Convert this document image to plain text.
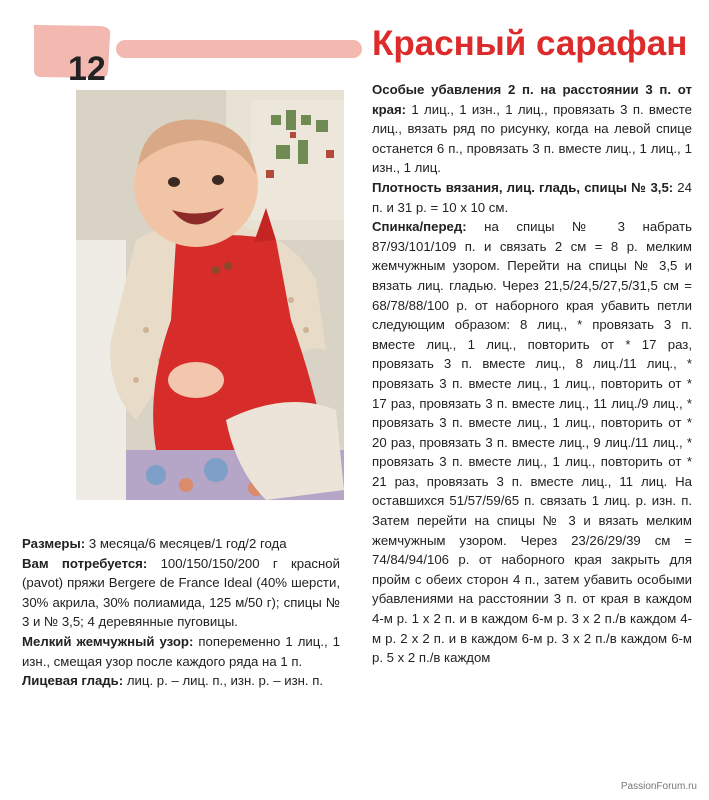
12
Красный сарафан

Размеры: 3 месяца/6 месяцев/1 год/2 года

Вам потребуется: 100/150/150/200 г красной (pavot) пряжи Bergere de France Ideal (40% шерсти, 30% акрила, 30% полиамида, 125 м/50 г); спицы № 3 и № 3,5; 4 деревянные пуговицы.

Мелкий жемчужный узор: попеременно 1 лиц., 1 изн., смещая узор после каждого ряда на 1 п.

Лицевая гладь: лиц. р. – лиц. п., изн. р. – изн. п.

Особые убавления 2 п. на расстоянии 3 п. от края: 1 лиц., 1 изн., 1 лиц., провязать 3 п. вместе лиц., вязать ряд по рисунку, когда на левой спице останется 6 п., провязать 3 п. вместе лиц., 1 лиц., 1 изн., 1 лиц.

Плотность вязания, лиц. гладь, спицы № 3,5: 24 п. и 31 р. = 10 х 10 см.

Спинка/перед: на спицы № 3 набрать 87/93/101/109 п. и связать 2 см = 8 р. мелким жемчужным узором. Перейти на спицы № 3,5 и вязать лиц. гладью. Через 21,5/24,5/27,5/31,5 см = 68/78/88/100 р. от наборного края убавить петли следующим образом: 8 лиц., * провязать 3 п. вместе лиц., 1 лиц., повторить от * 17 раз, провязать 3 п. вместе лиц., 8 лиц./11 лиц., * провязать 3 п. вместе лиц., 1 лиц., повторить от * 17 раз, провязать 3 п. вместе лиц., 11 лиц./9 лиц., * провязать 3 п. вместе лиц., 1 лиц., повторить от * 20 раз, провязать 3 п. вместе лиц., 9 лиц./11 лиц., * провязать 3 п. вместе лиц., 1 лиц., повторить от * 21 раз, провязать 3 п. вместе лиц., 11 лиц. На оставшихся 51/57/59/65 п. связать 1 лиц. р. изн. п. Затем перейти на спицы № 3 и вязать мелким жемчужным узором. Через 23/26/29/39 см = 74/84/94/106 р. от наборного края закрыть для пройм с обеих сторон 4 п., затем убавить особыми убавлениями на расстоянии 3 п. от края в каждом 4-м р. 1 х 2 п. и в каждом 6-м р. 3 х 2 п./в каждом 4-м р. 2 х 2 п. и в каждом 6-м р. 3 х 2 п./в каждом 6-м р. 5 х 2 п./в каждом

PassionForum.ru
